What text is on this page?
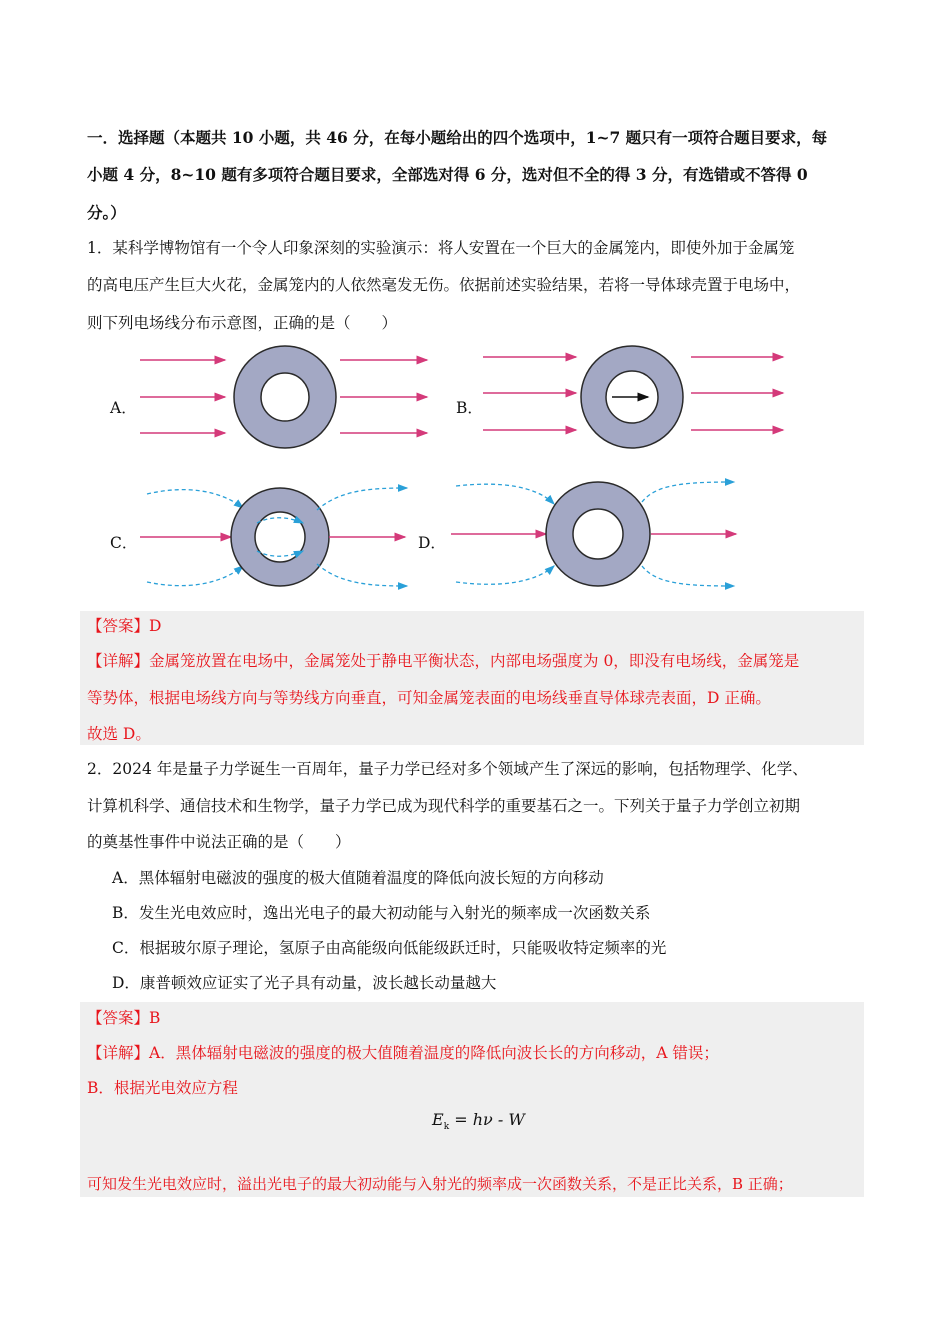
一．选择题（本题共 10 小题，共 46 分，在每小题给出的四个选项中，1~7 题只有一项符合题目要求，每
小题 4 分，8~10 题有多项符合题目要求，全部选对得 6 分，选对但不全的得 3 分，有选错或不答得 0
分。）
1．某科学博物馆有一个令人印象深刻的实验演示：将人安置在一个巨大的金属笼内，即使外加于金属笼
的高电压产生巨大火花，金属笼内的人依然毫发无伤。依据前述实验结果，若将一导体球壳置于电场中，
则下列电场线分布示意图，正确的是（　　）
A．	B．
C．	D．
【答案】D
【详解】金属笼放置在电场中，金属笼处于静电平衡状态，内部电场强度为 0，即没有电场线，金属笼是
等势体，根据电场线方向与等势线方向垂直，可知金属笼表面的电场线垂直导体球壳表面，D 正确。
故选 D。
2．2024 年是量子力学诞生一百周年，量子力学已经对多个领域产生了深远的影响，包括物理学、化学、
计算机科学、通信技术和生物学，量子力学已成为现代科学的重要基石之一。下列关于量子力学创立初期
的奠基性事件中说法正确的是（　　）
A．黑体辐射电磁波的强度的极大值随着温度的降低向波长短的方向移动
B．发生光电效应时，逸出光电子的最大初动能与入射光的频率成一次函数关系
C．根据玻尔原子理论，氢原子由高能级向低能级跃迁时，只能吸收特定频率的光
D．康普顿效应证实了光子具有动量，波长越长动量越大
【答案】B
【详解】A．黑体辐射电磁波的强度的极大值随着温度的降低向波长长的方向移动，A 错误；
B．根据光电效应方程
$E_k = h\nu - W$
可知发生光电效应时，溢出光电子的最大初动能与入射光的频率成一次函数关系，不是正比关系，B 正确；
